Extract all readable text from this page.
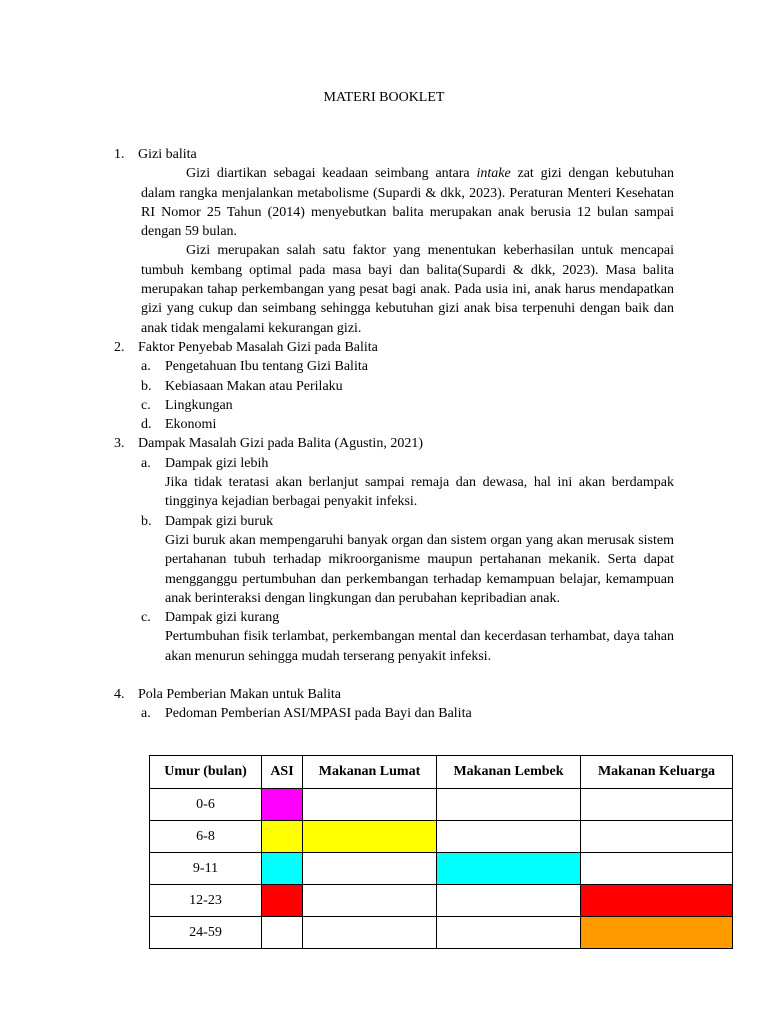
MATERI BOOKLET
1. Gizi balita
Gizi diartikan sebagai keadaan seimbang antara intake zat gizi dengan kebutuhan dalam rangka menjalankan metabolisme (Supardi & dkk, 2023). Peraturan Menteri Kesehatan RI Nomor 25 Tahun (2014) menyebutkan balita merupakan anak berusia 12 bulan sampai dengan 59 bulan.
Gizi merupakan salah satu faktor yang menentukan keberhasilan untuk mencapai tumbuh kembang optimal pada masa bayi dan balita(Supardi & dkk, 2023). Masa balita merupakan tahap perkembangan yang pesat bagi anak. Pada usia ini, anak harus mendapatkan gizi yang cukup dan seimbang sehingga kebutuhan gizi anak bisa terpenuhi dengan baik dan anak tidak mengalami kekurangan gizi.
2. Faktor Penyebab Masalah Gizi pada Balita
a.	Pengetahuan Ibu tentang Gizi Balita
b. Kebiasaan Makan atau Perilaku
c.	Lingkungan
d. Ekonomi
3. Dampak Masalah Gizi pada Balita (Agustin, 2021)
a.	Dampak gizi lebih
Jika tidak teratasi akan berlanjut sampai remaja dan dewasa, hal ini akan berdampak tingginya kejadian berbagai penyakit infeksi.
b. Dampak gizi buruk
Gizi buruk akan mempengaruhi banyak organ dan sistem organ yang akan merusak sistem pertahanan tubuh terhadap mikroorganisme maupun pertahanan mekanik. Serta dapat mengganggu pertumbuhan dan perkembangan terhadap kemampuan belajar, kemampuan anak berinteraksi dengan lingkungan dan perubahan kepribadian anak.
c.	Dampak gizi kurang
Pertumbuhan fisik terlambat, perkembangan mental dan kecerdasan terhambat, daya tahan akan menurun sehingga mudah terserang penyakit infeksi.
4. Pola Pemberian Makan untuk Balita
a.	Pedoman Pemberian ASI/MPASI pada Bayi dan Balita
Umur (bulan)	ASI	Makanan Lumat	Makanan Lembek	Makanan Keluarga
0-6				
6-8				
9-11				
12-23				
24-59				
